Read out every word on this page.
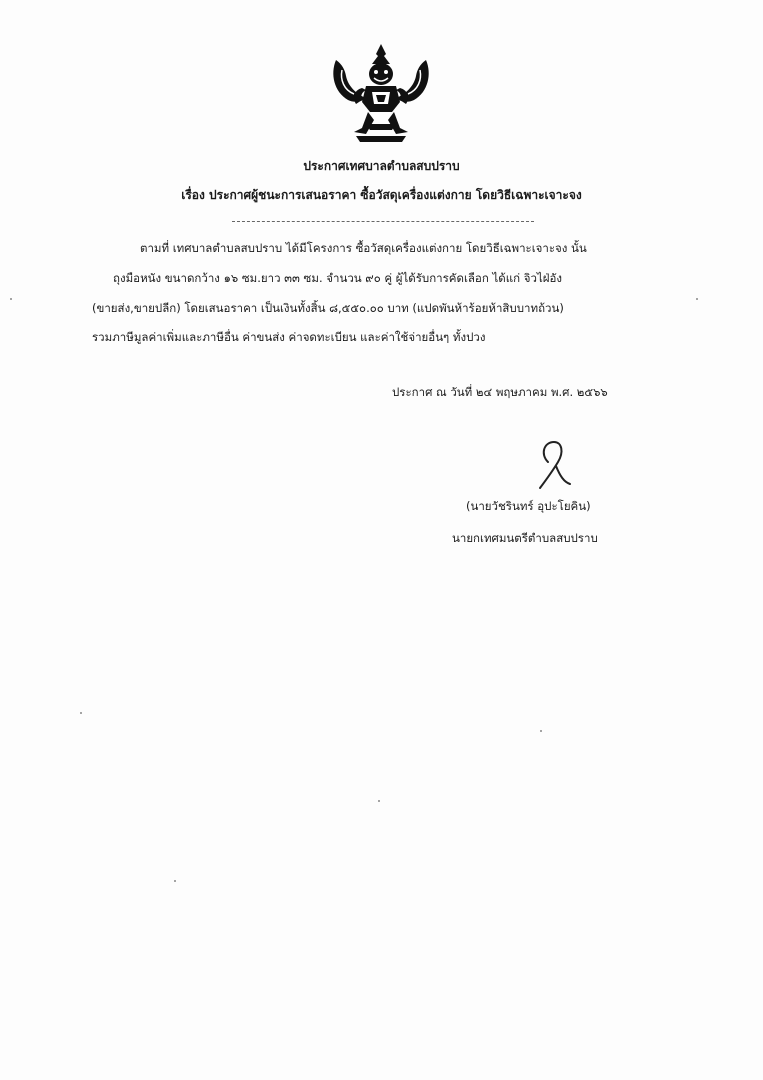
ประกาศเทศบาลตำบลสบปราบ
เรื่อง ประกาศผู้ชนะการเสนอราคา ซื้อวัสดุเครื่องแต่งกาย โดยวิธีเฉพาะเจาะจง
ตามที่ เทศบาลตำบลสบปราบ ได้มีโครงการ ซื้อวัสดุเครื่องแต่งกาย โดยวิธีเฉพาะเจาะจง นั้น
ถุงมือหนัง ขนาดกว้าง ๑๖ ซม.ยาว ๓๓ ซม. จำนวน ๙๐ คู่ ผู้ได้รับการคัดเลือก ได้แก่ จิวไฝ่อัง
(ขายส่ง,ขายปลีก) โดยเสนอราคา เป็นเงินทั้งสิ้น ๘,๕๕๐.๐๐ บาท (แปดพันห้าร้อยห้าสิบบาทถ้วน)
รวมภาษีมูลค่าเพิ่มและภาษีอื่น ค่าขนส่ง ค่าจดทะเบียน และค่าใช้จ่ายอื่นๆ ทั้งปวง
ประกาศ ณ วันที่ ๒๔ พฤษภาคม พ.ศ. ๒๕๖๖
(นายวัชรินทร์ อุปะโยคิน)
นายกเทศมนตรีตำบลสบปราบ
